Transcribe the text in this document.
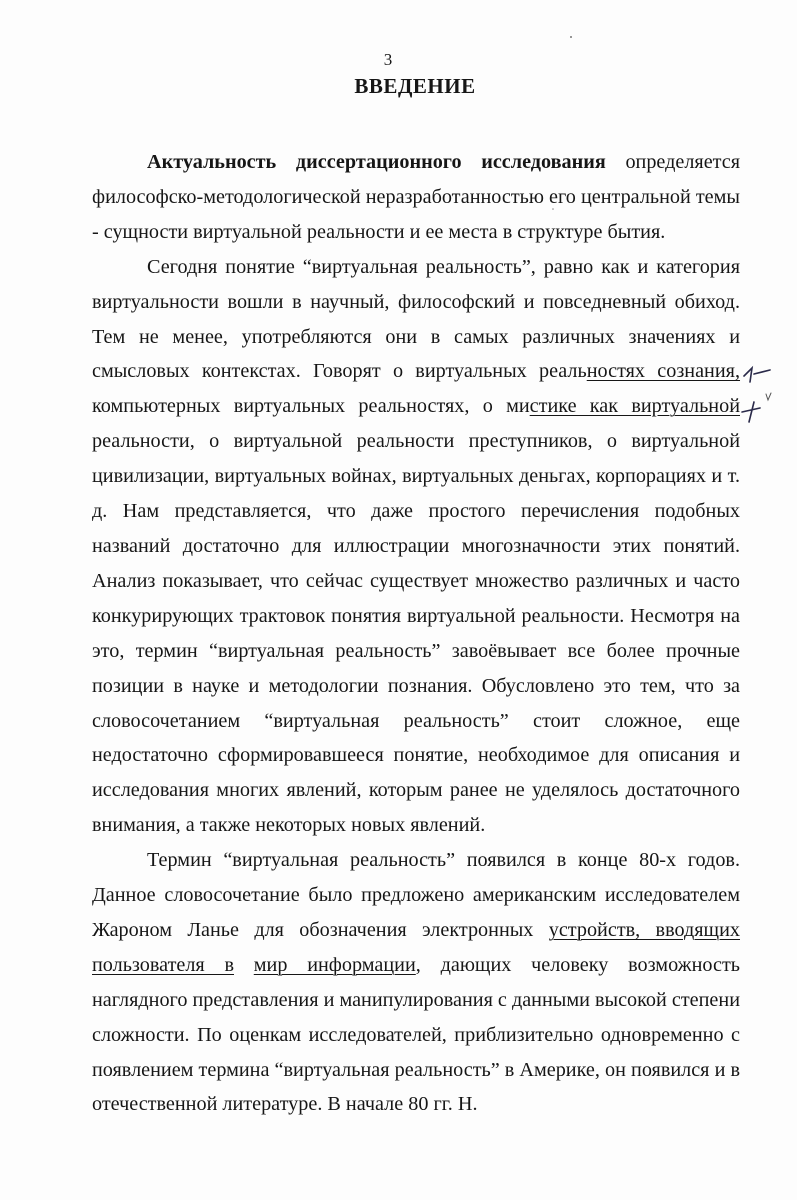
3
ВВЕДЕНИЕ

Актуальность диссертационного исследования определяется философско-методологической неразработанностью его центральной темы - сущности виртуальной реальности и ее места в структуре бытия.

Сегодня понятие “виртуальная реальность”, равно как и категория виртуальности вошли в научный, философский и повседневный обиход. Тем не менее, употребляются они в самых различных значениях и смысловых контекстах. Говорят о виртуальных реальностях сознания, компьютерных виртуальных реальностях, о мистике как виртуальной реальности, о виртуальной реальности преступников, о виртуальной цивилизации, виртуальных войнах, виртуальных деньгах, корпорациях и т. д. Нам представляется, что даже простого перечисления подобных названий достаточно для иллюстрации многозначности этих понятий. Анализ показывает, что сейчас существует множество различных и часто конкурирующих трактовок понятия виртуальной реальности. Несмотря на это, термин “виртуальная реальность” завоёвывает все более прочные позиции в науке и методологии познания. Обусловлено это тем, что за словосочетанием “виртуальная реальность” стоит сложное, еще недостаточно сформировавшееся понятие, необходимое для описания и исследования многих явлений, которым ранее не уделялось достаточного внимания, а также некоторых новых явлений.

Термин “виртуальная реальность” появился в конце 80-х годов. Данное словосочетание было предложено американским исследователем Жароном Ланье для обозначения электронных устройств, вводящих пользователя в мир информации, дающих человеку возможность наглядного представления и манипулирования с данными высокой степени сложности. По оценкам исследователей, приблизительно одновременно с появлением термина “виртуальная реальность” в Америке, он появился и в отечественной литературе. В начале 80 гг. Н.
